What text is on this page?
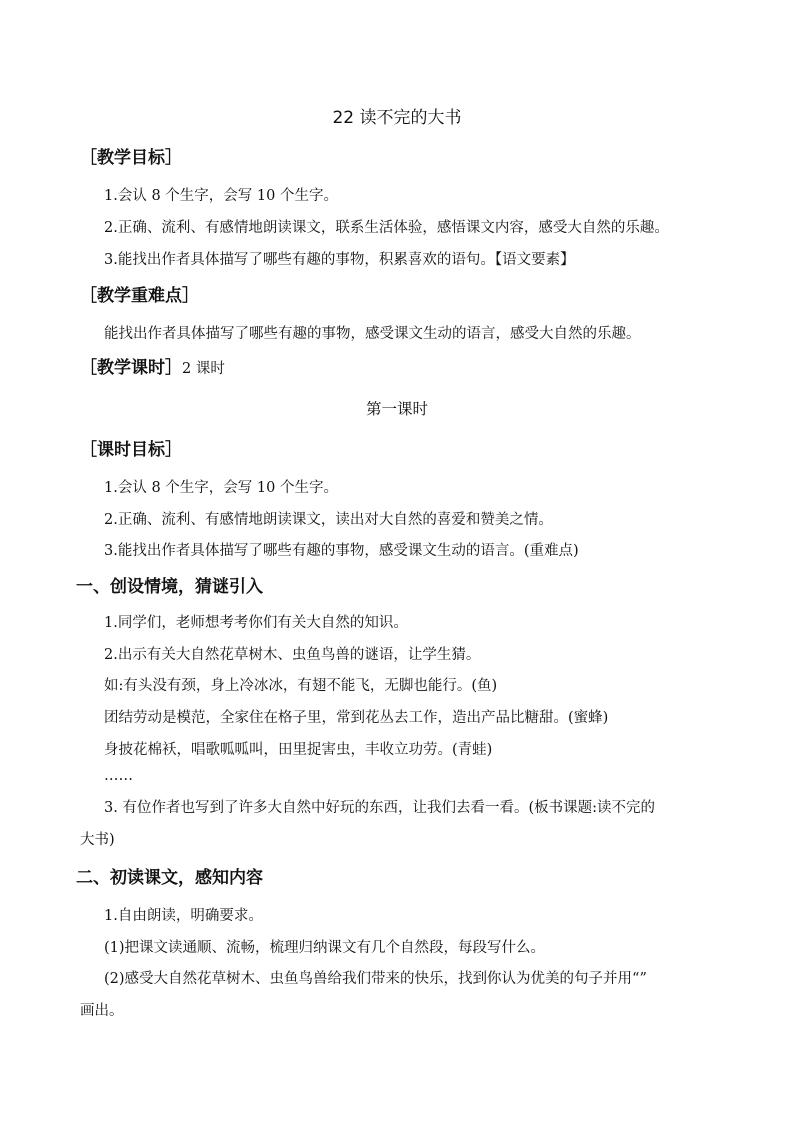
22 读不完的大书
［教学目标］
1.会认 8 个生字，会写 10 个生字。
2.正确、流利、有感情地朗读课文，联系生活体验，感悟课文内容，感受大自然的乐趣。
3.能找出作者具体描写了哪些有趣的事物，积累喜欢的语句。【语文要素】
［教学重难点］
能找出作者具体描写了哪些有趣的事物，感受课文生动的语言，感受大自然的乐趣。
［教学课时］2 课时
第一课时
［课时目标］
1.会认 8 个生字，会写 10 个生字。
2.正确、流利、有感情地朗读课文，读出对大自然的喜爱和赞美之情。
3.能找出作者具体描写了哪些有趣的事物，感受课文生动的语言。(重难点)
一、创设情境，猜谜引入
1.同学们，老师想考考你们有关大自然的知识。
2.出示有关大自然花草树木、虫鱼鸟兽的谜语，让学生猜。
如:有头没有颈，身上冷冰冰，有翅不能飞，无脚也能行。(鱼)
团结劳动是模范，全家住在格子里，常到花丛去工作，造出产品比糖甜。(蜜蜂)
身披花棉袄，唱歌呱呱叫，田里捉害虫，丰收立功劳。(青蛙)
……
3. 有位作者也写到了许多大自然中好玩的东西，让我们去看一看。(板书课题:读不完的
大书)
二、初读课文，感知内容
1.自由朗读，明确要求。
(1)把课文读通顺、流畅，梳理归纳课文有几个自然段，每段写什么。
(2)感受大自然花草树木、虫鱼鸟兽给我们带来的快乐，找到你认为优美的句子并用“”
画出。
